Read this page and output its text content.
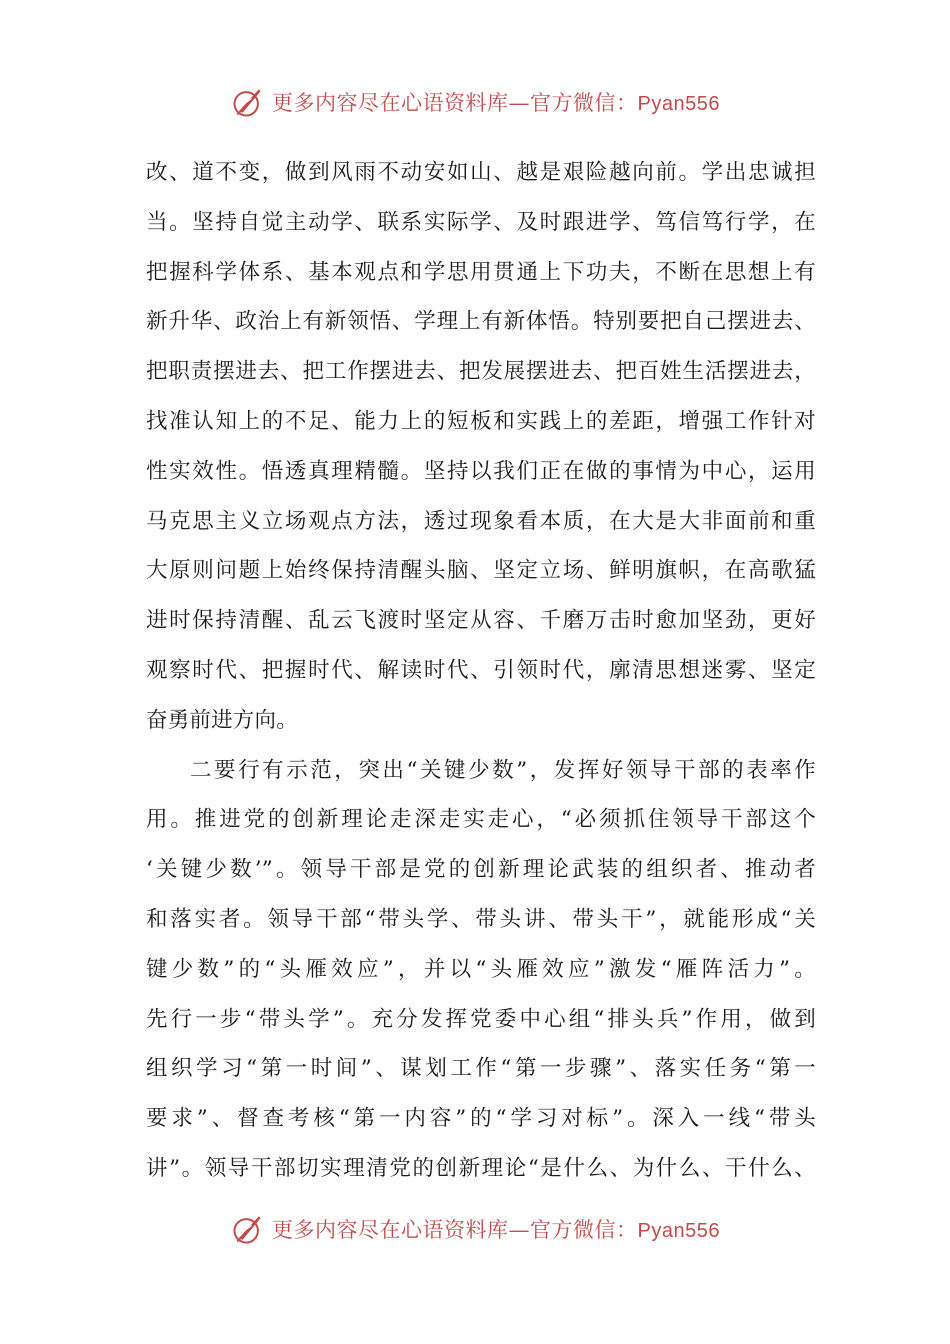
更多内容尽在心语资料库—官方微信：Pyan556
改、道不变，做到风雨不动安如山、越是艰险越向前。学出忠诚担
当。坚持自觉主动学、联系实际学、及时跟进学、笃信笃行学，在
把握科学体系、基本观点和学思用贯通上下功夫，不断在思想上有
新升华、政治上有新领悟、学理上有新体悟。特别要把自己摆进去、
把职责摆进去、把工作摆进去、把发展摆进去、把百姓生活摆进去，
找准认知上的不足、能力上的短板和实践上的差距，增强工作针对
性实效性。悟透真理精髓。坚持以我们正在做的事情为中心，运用
马克思主义立场观点方法，透过现象看本质，在大是大非面前和重
大原则问题上始终保持清醒头脑、坚定立场、鲜明旗帜，在高歌猛
进时保持清醒、乱云飞渡时坚定从容、千磨万击时愈加坚劲，更好
观察时代、把握时代、解读时代、引领时代，廓清思想迷雾、坚定
奋勇前进方向。
二要行有示范，突出“关键少数”，发挥好领导干部的表率作
用。推进党的创新理论走深走实走心，“必须抓住领导干部这个
‘关键少数’”。领导干部是党的创新理论武装的组织者、推动者
和落实者。领导干部“带头学、带头讲、带头干”，就能形成“关
键少数”的“头雁效应”，并以“头雁效应”激发“雁阵活力”。
先行一步“带头学”。充分发挥党委中心组“排头兵”作用，做到
组织学习“第一时间”、谋划工作“第一步骤”、落实任务“第一
要求”、督查考核“第一内容”的“学习对标”。深入一线“带头
讲”。领导干部切实理清党的创新理论“是什么、为什么、干什么、
更多内容尽在心语资料库—官方微信：Pyan556
